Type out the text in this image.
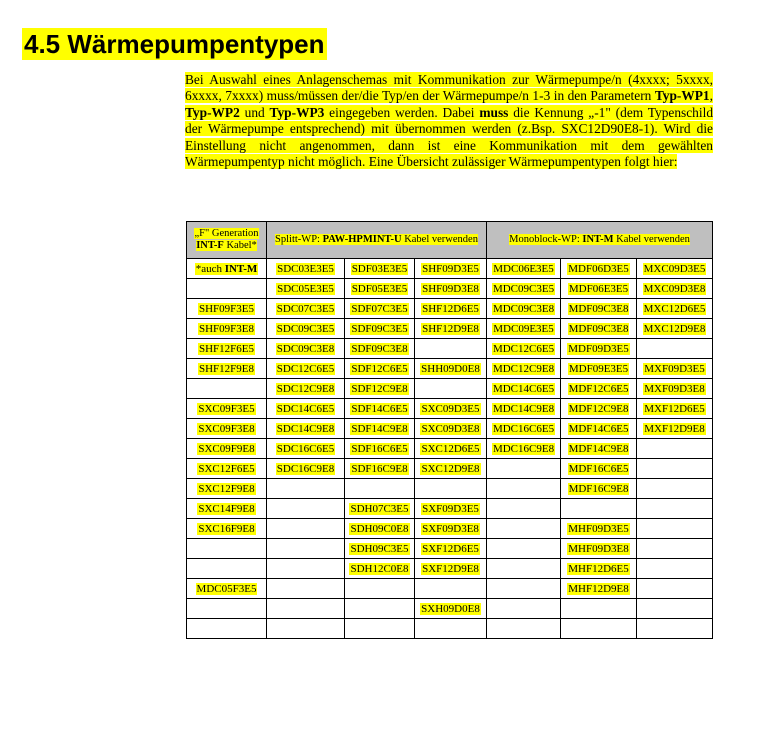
4.5 Wärmepumpentypen

Bei Auswahl eines Anlagenschemas mit Kommunikation zur Wärmepumpe/n (4xxxx; 5xxxx, 6xxxx, 7xxxx) muss/müssen der/die Typ/en der Wärmepumpe/n 1-3 in den Parametern Typ-WP1, Typ-WP2 und Typ-WP3 eingegeben werden. Dabei muss die Kennung „-1" (dem Typenschild der Wärmepumpe entsprechend) mit übernommen werden (z.Bsp. SXC12D90E8-1). Wird die Einstellung nicht angenommen, dann ist eine Kommunikation mit dem gewählten Wärmepumpentyp nicht möglich. Eine Übersicht zulässiger Wärmepumpentypen folgt hier:

„F" Generation INT-F Kabel*	Splitt-WP: PAW-HPMINT-U Kabel verwenden			Monoblock-WP: INT-M Kabel verwenden		
*auch INT-M	SDC03E3E5	SDF03E3E5	SHF09D3E5	MDC06E3E5	MDF06D3E5	MXC09D3E5
	SDC05E3E5	SDF05E3E5	SHF09D3E8	MDC09C3E5	MDF06E3E5	MXC09D3E8
SHF09F3E5	SDC07C3E5	SDF07C3E5	SHF12D6E5	MDC09C3E8	MDF09C3E8	MXC12D6E5
SHF09F3E8	SDC09C3E5	SDF09C3E5	SHF12D9E8	MDC09E3E5	MDF09C3E8	MXC12D9E8
SHF12F6E5	SDC09C3E8	SDF09C3E8		MDC12C6E5	MDF09D3E5	
SHF12F9E8	SDC12C6E5	SDF12C6E5	SHH09D0E8	MDC12C9E8	MDF09E3E5	MXF09D3E5
	SDC12C9E8	SDF12C9E8		MDC14C6E5	MDF12C6E5	MXF09D3E8
SXC09F3E5	SDC14C6E5	SDF14C6E5	SXC09D3E5	MDC14C9E8	MDF12C9E8	MXF12D6E5
SXC09F3E8	SDC14C9E8	SDF14C9E8	SXC09D3E8	MDC16C6E5	MDF14C6E5	MXF12D9E8
SXC09F9E8	SDC16C6E5	SDF16C6E5	SXC12D6E5	MDC16C9E8	MDF14C9E8	
SXC12F6E5	SDC16C9E8	SDF16C9E8	SXC12D9E8		MDF16C6E5	
SXC12F9E8					MDF16C9E8	
SXC14F9E8		SDH07C3E5	SXF09D3E5			
SXC16F9E8		SDH09C0E8	SXF09D3E8		MHF09D3E5	
		SDH09C3E5	SXF12D6E5		MHF09D3E8	
		SDH12C0E8	SXF12D9E8		MHF12D6E5	
MDC05F3E5					MHF12D9E8	
			SXH09D0E8			
